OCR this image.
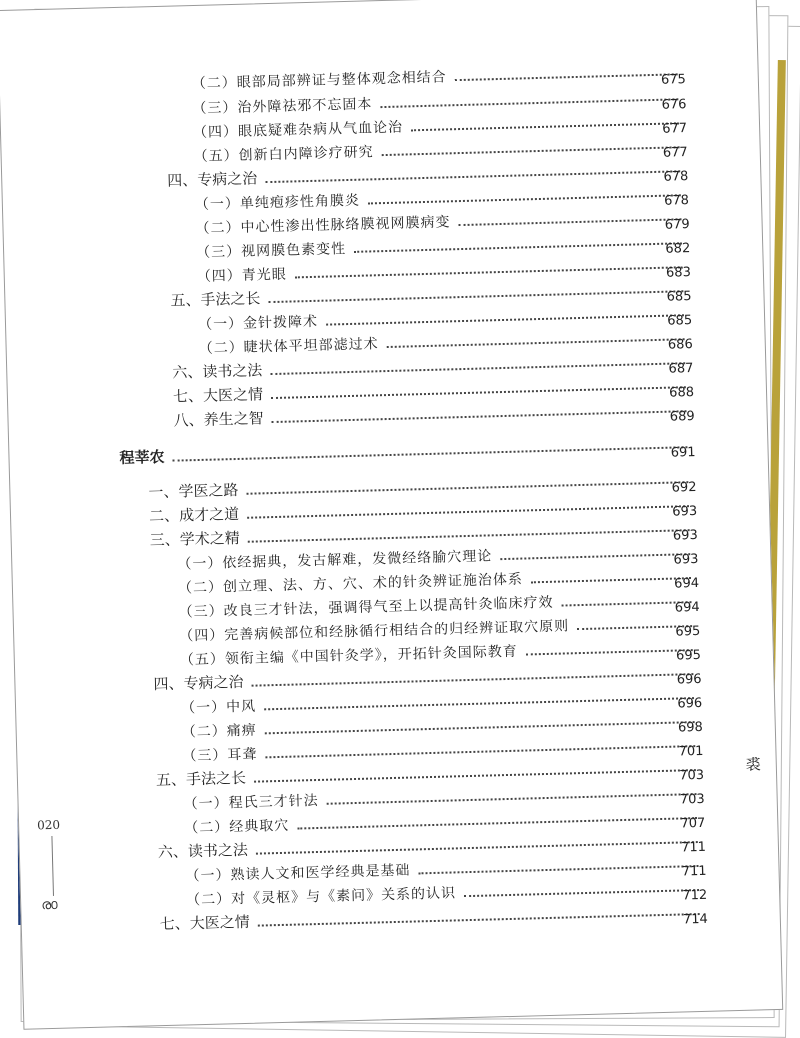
（二）眼部局部辨证与整体观念相结合	675
（三）治外障祛邪不忘固本	676
（四）眼底疑难杂病从气血论治	677
（五）创新白内障诊疗研究	677
四、专病之治	678
（一）单纯疱疹性角膜炎	678
（二）中心性渗出性脉络膜视网膜病变	679
（三）视网膜色素变性	682
（四）青光眼	683
五、手法之长	685
（一）金针拨障术	685
（二）睫状体平坦部滤过术	686
六、读书之法	687
七、大医之情	688
八、养生之智	689
程莘农	691
一、学医之路	692
二、成才之道	693
三、学术之精	693
（一）依经据典，发古解难，发微经络腧穴理论	693
（二）创立理、法、方、穴、术的针灸辨证施治体系	694
（三）改良三才针法，强调得气至上以提高针灸临床疗效	694
（四）完善病候部位和经脉循行相结合的归经辨证取穴原则	695
（五）领衔主编《中国针灸学》，开拓针灸国际教育	695
四、专病之治	696
（一）中风	696
（二）痛痹	698
（三）耳聋	701
五、手法之长	703
（一）程氏三才针法	703
（二）经典取穴	707
六、读书之法	711
（一）熟读人文和医学经典是基础	711
（二）对《灵枢》与《素问》关系的认识	712
七、大医之情	714
020
ര൦
裘
